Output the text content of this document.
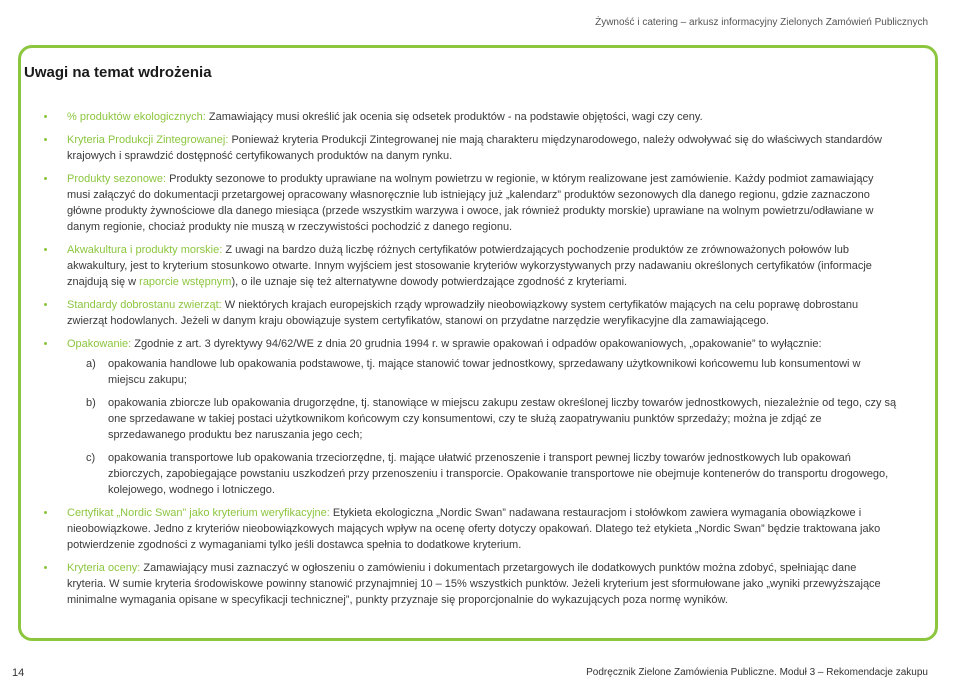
Żywność i catering – arkusz informacyjny Zielonych Zamówień Publicznych
Uwagi na temat wdrożenia
% produktów ekologicznych: Zamawiający musi określić jak ocenia się odsetek produktów - na podstawie objętości, wagi czy ceny.
Kryteria Produkcji Zintegrowanej: Ponieważ kryteria Produkcji Zintegrowanej nie mają charakteru międzynarodowego, należy odwoływać się do właściwych standardów krajowych i sprawdzić dostępność certyfikowanych produktów na danym rynku.
Produkty sezonowe: Produkty sezonowe to produkty uprawiane na wolnym powietrzu w regionie, w którym realizowane jest zamówienie. Każdy podmiot zamawiający musi załączyć do dokumentacji przetargowej opracowany własnoręcznie lub istniejący już „kalendarz” produktów sezonowych dla danego regionu, gdzie zaznaczono główne produkty żywnościowe dla danego miesiąca (przede wszystkim warzywa i owoce, jak również produkty morskie) uprawiane na wolnym powietrzu/odławiane w danym regionie, chociaż produkty nie muszą w rzeczywistości pochodzić z danego regionu.
Akwakultura i produkty morskie: Z uwagi na bardzo dużą liczbę różnych certyfikatów potwierdzających pochodzenie produktów ze zrównoważonych połowów lub akwakultury, jest to kryterium stosunkowo otwarte. Innym wyjściem jest stosowanie kryteriów wykorzystywanych przy nadawaniu określonych certyfikatów (informacje znajdują się w raporcie wstępnym), o ile uznaje się też alternatywne dowody potwierdzające zgodność z kryteriami.
Standardy dobrostanu zwierząt: W niektórych krajach europejskich rządy wprowadziły nieobowiązkowy system certyfikatów mających na celu poprawę dobrostanu zwierząt hodowlanych. Jeżeli w danym kraju obowiązuje system certyfikatów, stanowi on przydatne narzędzie weryfikacyjne dla zamawiającego.
Opakowanie: Zgodnie z art. 3 dyrektywy 94/62/WE z dnia 20 grudnia 1994 r. w sprawie opakowań i odpadów opakowaniowych, „opakowanie” to wyłącznie:
a) opakowania handlowe lub opakowania podstawowe, tj. mające stanowić towar jednostkowy, sprzedawany użytkownikowi końcowemu lub konsumentowi w miejscu zakupu;
b) opakowania zbiorcze lub opakowania drugorzędne, tj. stanowiące w miejscu zakupu zestaw określonej liczby towarów jednostkowych, niezależnie od tego, czy są one sprzedawane w takiej postaci użytkownikom końcowym czy konsumentowi, czy te służą zaopatrywaniu punktów sprzedaży; można je zdjąć ze sprzedawanego produktu bez naruszania jego cech;
c) opakowania transportowe lub opakowania trzeciorzędne, tj. mające ułatwić przenoszenie i transport pewnej liczby towarów jednostkowych lub opakowań zbiorczych, zapobiegające powstaniu uszkodzeń przy przenoszeniu i transporcie. Opakowanie transportowe nie obejmuje kontenerów do transportu drogowego, kolejowego, wodnego i lotniczego.
Certyfikat „Nordic Swan” jako kryterium weryfikacyjne: Etykieta ekologiczna „Nordic Swan” nadawana restauracjom i stołówkom zawiera wymagania obowiązkowe i nieobowiązkowe. Jedno z kryteriów nieobowiązkowych mających wpływ na ocenę oferty dotyczy opakowań. Dlatego też etykieta „Nordic Swan” będzie traktowana jako potwierdzenie zgodności z wymaganiami tylko jeśli dostawca spełnia to dodatkowe kryterium.
Kryteria oceny: Zamawiający musi zaznaczyć w ogłoszeniu o zamówieniu i dokumentach przetargowych ile dodatkowych punktów można zdobyć, spełniając dane kryteria. W sumie kryteria środowiskowe powinny stanowić przynajmniej 10 – 15% wszystkich punktów. Jeżeli kryterium jest sformułowane jako „wyniki przewyższające minimalne wymagania opisane w specyfikacji technicznej”, punkty przyznaje się proporcjonalnie do wykazujących poza normę wyników.
14	Podręcznik Zielone Zamówienia Publiczne. Moduł 3 – Rekomendacje zakupu
